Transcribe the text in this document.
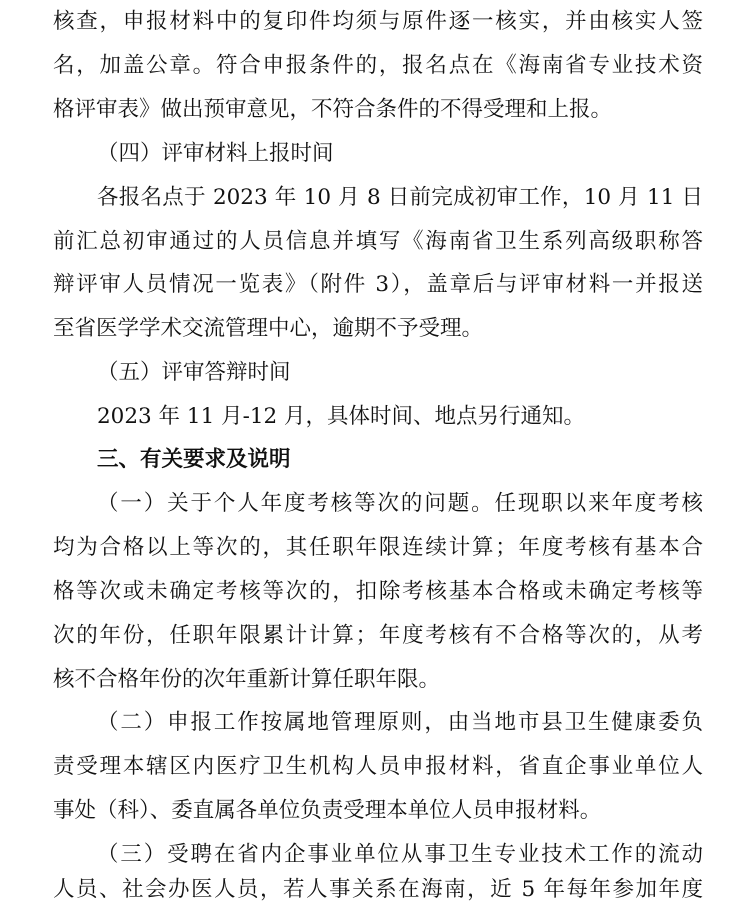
核查，申报材料中的复印件均须与原件逐一核实，并由核实人签
名，加盖公章。符合申报条件的，报名点在《海南省专业技术资
格评审表》做出预审意见，不符合条件的不得受理和上报。
（四）评审材料上报时间
各报名点于 2023 年 10 月 8 日前完成初审工作，10 月 11 日
前汇总初审通过的人员信息并填写《海南省卫生系列高级职称答
辩评审人员情况一览表》（附件 3），盖章后与评审材料一并报送
至省医学学术交流管理中心，逾期不予受理。
（五）评审答辩时间
2023 年 11 月-12 月，具体时间、地点另行通知。
三、有关要求及说明
（一）关于个人年度考核等次的问题。任现职以来年度考核
均为合格以上等次的，其任职年限连续计算；年度考核有基本合
格等次或未确定考核等次的，扣除考核基本合格或未确定考核等
次的年份，任职年限累计计算；年度考核有不合格等次的，从考
核不合格年份的次年重新计算任职年限。
（二）申报工作按属地管理原则，由当地市县卫生健康委负
责受理本辖区内医疗卫生机构人员申报材料，省直企事业单位人
事处（科）、委直属各单位负责受理本单位人员申报材料。
（三）受聘在省内企事业单位从事卫生专业技术工作的流动
人员、社会办医人员，若人事关系在海南，近 5 年每年参加年度
